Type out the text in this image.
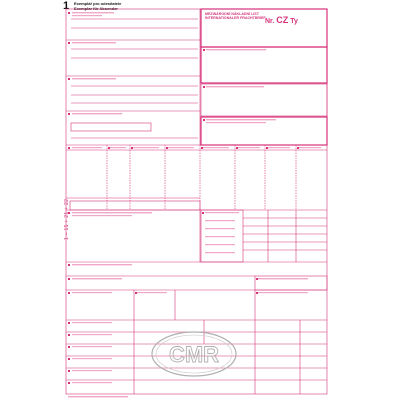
1 Exemplář pro odesílatele
Exemplar für Absender
MEZINÁRODNÍ NÁKLADNÍ LIST
INTERNATIONALER FRACHTBRIEF Nr. CZ Ty
1 – 15 + 21 + 22
CMR
